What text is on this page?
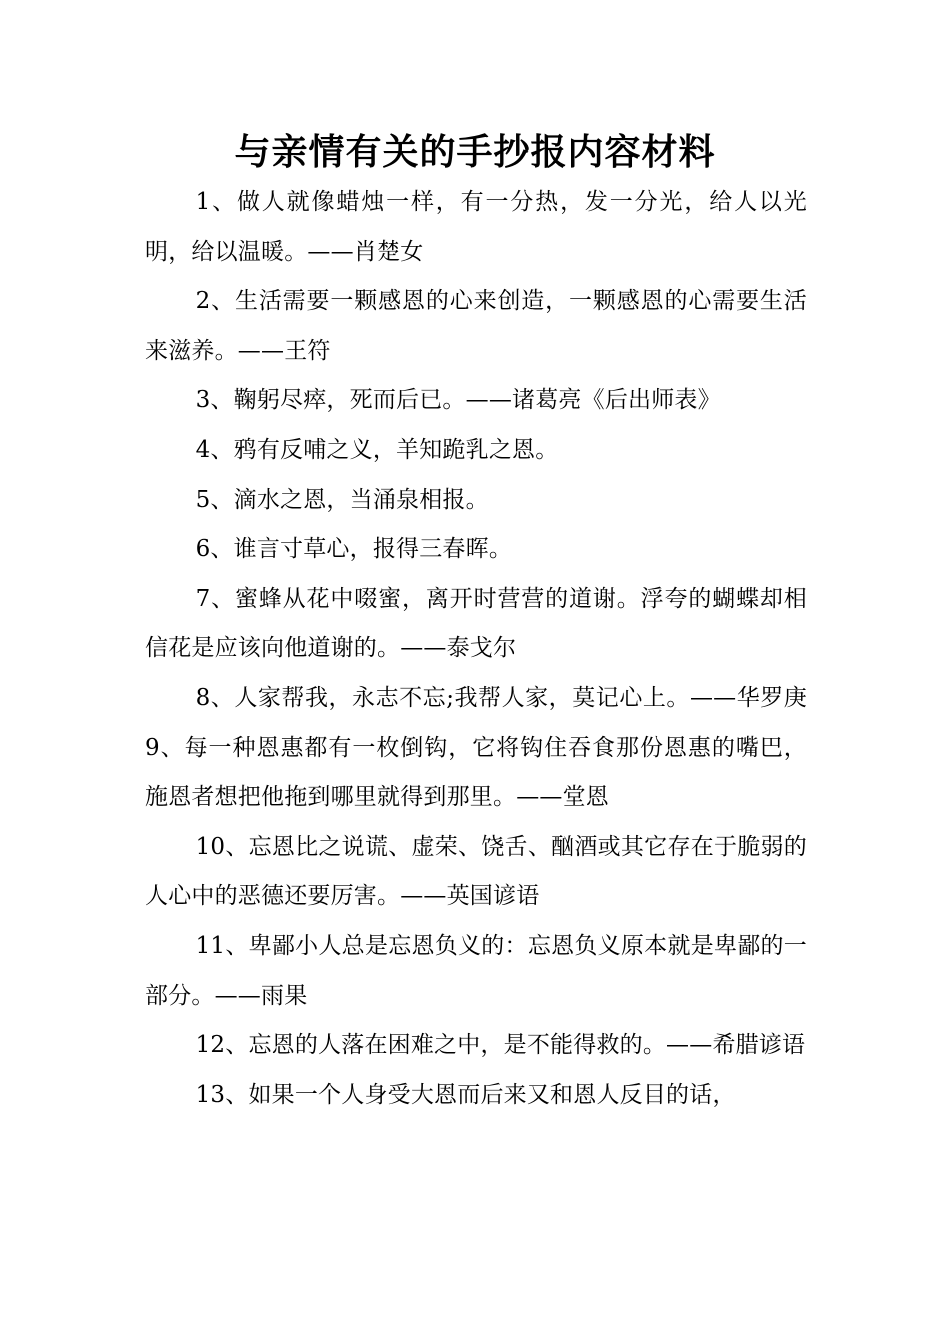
与亲情有关的手抄报内容材料

1、做人就像蜡烛一样，有一分热，发一分光，给人以光明，给以温暖。——肖楚女

2、生活需要一颗感恩的心来创造，一颗感恩的心需要生活来滋养。——王符

3、鞠躬尽瘁，死而后已。——诸葛亮《后出师表》

4、鸦有反哺之义，羊知跪乳之恩。

5、滴水之恩，当涌泉相报。

6、谁言寸草心，报得三春晖。

7、蜜蜂从花中啜蜜，离开时营营的道谢。浮夸的蝴蝶却相信花是应该向他道谢的。——泰戈尔

8、人家帮我，永志不忘;我帮人家，莫记心上。——华罗庚 9、每一种恩惠都有一枚倒钩，它将钩住吞食那份恩惠的嘴巴，施恩者想把他拖到哪里就得到那里。——堂恩

10、忘恩比之说谎、虚荣、饶舌、酗酒或其它存在于脆弱的人心中的恶德还要厉害。——英国谚语

11、卑鄙小人总是忘恩负义的：忘恩负义原本就是卑鄙的一部分。——雨果

12、忘恩的人落在困难之中，是不能得救的。——希腊谚语

13、如果一个人身受大恩而后来又和恩人反目的话，
